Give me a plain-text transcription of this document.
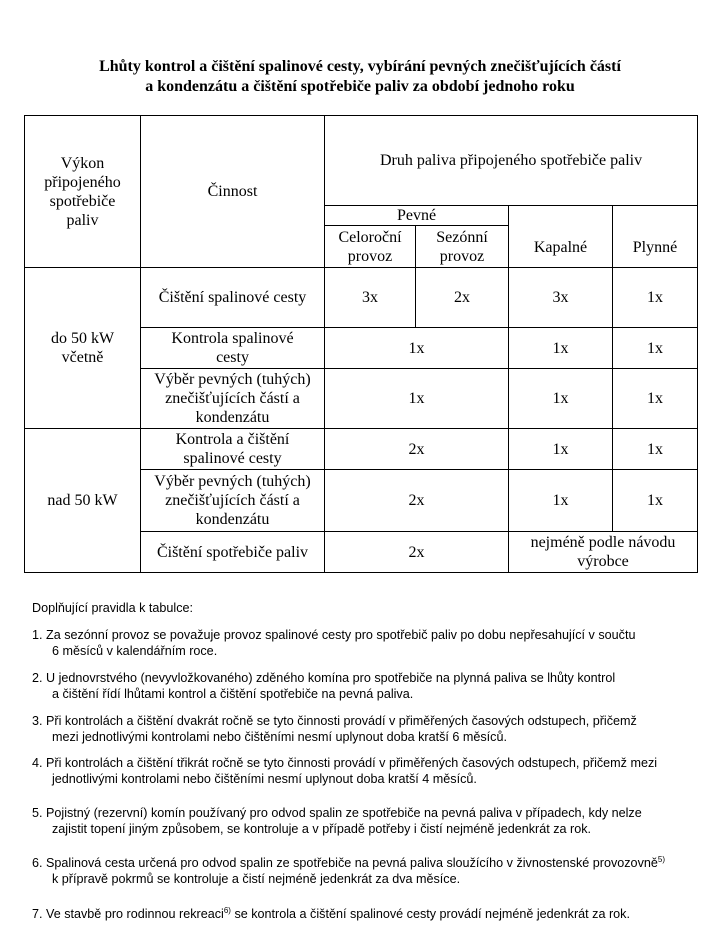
Lhůty kontrol a čištění spalinové cesty, vybírání pevných znečišťujících částí
a kondenzátu a čištění spotřebiče paliv za období jednoho roku
Výkon připojeného spotřebiče paliv	Činnost	Druh paliva připojeného spotřebiče paliv			
		Pevné		Kapalné	Plynné
		Celoroční provoz	Sezónní provoz		
do 50 kW včetně	Čištění spalinové cesty	3x	2x	3x	1x
	Kontrola spalinové cesty	1x		1x	1x
	Výběr pevných (tuhých) znečišťujících částí a kondenzátu	1x		1x	1x
nad 50 kW	Kontrola a čištění spalinové cesty	2x		1x	1x
	Výběr pevných (tuhých) znečišťujících částí a kondenzátu	2x		1x	1x
	Čištění spotřebiče paliv	2x		nejméně podle návodu výrobce	
Doplňující pravidla k tabulce:
1. Za sezónní provoz se považuje provoz spalinové cesty pro spotřebič paliv po dobu nepřesahující v součtu
6 měsíců v kalendářním roce.
2. U jednovrstvého (nevyvložkovaného) zděného komína pro spotřebiče na plynná paliva se lhůty kontrol
a čištění řídí lhůtami kontrol a čištění spotřebiče na pevná paliva.
3. Při kontrolách a čištění dvakrát ročně se tyto činnosti provádí v přiměřených časových odstupech, přičemž
mezi jednotlivými kontrolami nebo čištěními nesmí uplynout doba kratší 6 měsíců.
4. Při kontrolách a čištění třikrát ročně se tyto činnosti provádí v přiměřených časových odstupech, přičemž mezi
jednotlivými kontrolami nebo čištěními nesmí uplynout doba kratší 4 měsíců.
5. Pojistný (rezervní) komín používaný pro odvod spalin ze spotřebiče na pevná paliva v případech, kdy nelze
zajistit topení jiným způsobem, se kontroluje a v případě potřeby i čistí nejméně jedenkrát za rok.
6. Spalinová cesta určená pro odvod spalin ze spotřebiče na pevná paliva sloužícího v živnostenské provozovně$^{5)}$
k přípravě pokrmů se kontroluje a čistí nejméně jedenkrát za dva měsíce.
7. Ve stavbě pro rodinnou rekreaci$^{6)}$ se kontrola a čištění spalinové cesty provádí nejméně jedenkrát za rok.
